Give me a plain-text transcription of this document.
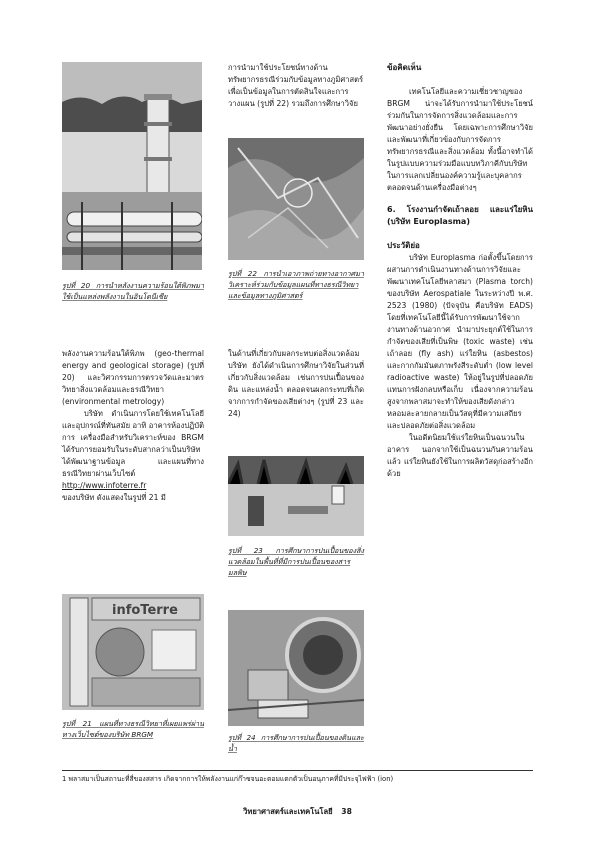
รูปที่ 20 การนำหลังงานความร้อนใต้พิภพมาใช้เป็นแหล่งพลังงานในอินโดนีเซีย

พลังงานความร้อนใต้พิภพ (geo-thermal energy and geological storage) (รูปที่ 20) และวิศวกรรมการตรวจวัดและมาตรวิทยาสิ่งแวดล้อมและธรณีวิทยา (environmental metrology)

บริษัท ดำเนินการโดยใช้เทคโนโลยีและอุปกรณ์ที่ทันสมัย อาทิ อาคารห้องปฏิบัติการ เครื่องมือสำหรับวิเคราะห์ของ BRGM ได้รับการยอมรับในระดับสากลว่าเป็นบริษัท ได้พัฒนาฐานข้อมูล และแผนที่ทางธรณีวิทยาผ่านเว็บไซต์

http://www.infoterre.fr

ของบริษัท ดังแสดงในรูปที่ 21 มี

infoTerre
รูปที่ 21 แผนที่ทางธรณีวิทยาที่เผยแพร่ผ่านทางเว็บไซต์ของบริษัท BRGM
การนำมาใช้ประโยชน์ทางด้านทรัพยากรธรณีร่วมกับข้อมูลทางภูมิศาสตร์เพื่อเป็นข้อมูลในการตัดสินใจและการวางแผน (รูปที่ 22) รวมถึงการศึกษาวิจัย
รูปที่ 22 การนำเอาภาพถ่ายทางอากาศมาวิเคราะห์ร่วมกับข้อมูลแผนที่ทางธรณีวิทยาและข้อมูลทางภูมิศาสตร์
ในด้านที่เกี่ยวกับผลกระทบต่อสิ่งแวดล้อมบริษัท ยังได้ดำเนินการศึกษาวิจัยในส่วนที่เกี่ยวกับสิ่งแวดล้อม เช่นการปนเปื้อนของดิน และแหล่งน้ำ ตลอดจนผลกระทบที่เกิดจากการกำจัดของเสียต่างๆ (รูปที่ 23 และ 24)
รูปที่ 23 การศึกษาการปนเปื้อนของสิ่งแวดล้อมในพื้นที่ที่มีการปนเปื้อนของสารมลพิษ
รูปที่ 24 การศึกษาการปนเปื้อนของดินและน้ำ

ข้อคิดเห็น

เทคโนโลยีและความเชี่ยวชาญของ BRGM น่าจะได้รับการนำมาใช้ประโยชน์ร่วมกันในการจัดการสิ่งแวดล้อมและการพัฒนาอย่างยั่งยืน โดยเฉพาะการศึกษาวิจัยและพัฒนาที่เกี่ยวข้องกับการจัดการทรัพยากรธรณีและสิ่งแวดล้อม ทั้งนี้อาจทำได้ในรูปแบบความร่วมมือแบบทวิภาคีกับบริษัท ในการแลกเปลี่ยนองค์ความรู้และบุคลากร ตลอดจนด้านเครื่องมือต่างๆ

6. โรงงานกำจัดเถ้าลอย และแร่ใยหิน (บริษัท Europlasma)

ประวัติย่อ

บริษัท Europlasma ก่อตั้งขึ้นโดยการผสานการดำเนินงานทางด้านการวิจัยและพัฒนาเทคโนโลยีพลาสมา (Plasma torch) ของบริษัท Aerospatiale ในระหว่างปี พ.ศ. 2523 (1980) (ปัจจุบัน คือบริษัท EADS) โดยที่เทคโนโลยีนี้ได้รับการพัฒนาใช้จากงานทางด้านอวกาศ นำมาประยุกต์ใช้ในการกำจัดของเสียที่เป็นพิษ (toxic waste) เช่น เถ้าลอย (fly ash) แร่ใยหิน (asbestos) และกากกัมมันตภาพรังสีระดับต่ำ (low level radioactive waste) ให้อยู่ในรูปที่ปลอดภัย แทนการฝังกลบหรือเก็บ เนื่องจากความร้อนสูงจากพลาสมาจะทำให้ของเสียดังกล่าวหลอมละลายกลายเป็นวัสดุที่มีความเสถียรและปลอดภัยต่อสิ่งแวดล้อม

ในอดีตนิยมใช้แร่ใยหินเป็นฉนวนในอาคาร นอกจากใช้เป็นฉนวนกันความร้อนแล้ว แร่ใยหินยังใช้ในการผลิตวัสดุก่อสร้างอีกด้วย

1 พลาสมาเป็นสถานะที่สี่ของสสาร เกิดจากการให้พลังงานแก่ก๊าซจนอะตอมแตกตัวเป็นอนุภาคที่มีประจุไฟฟ้า (ion)
วิทยาศาสตร์และเทคโนโลยี 38
